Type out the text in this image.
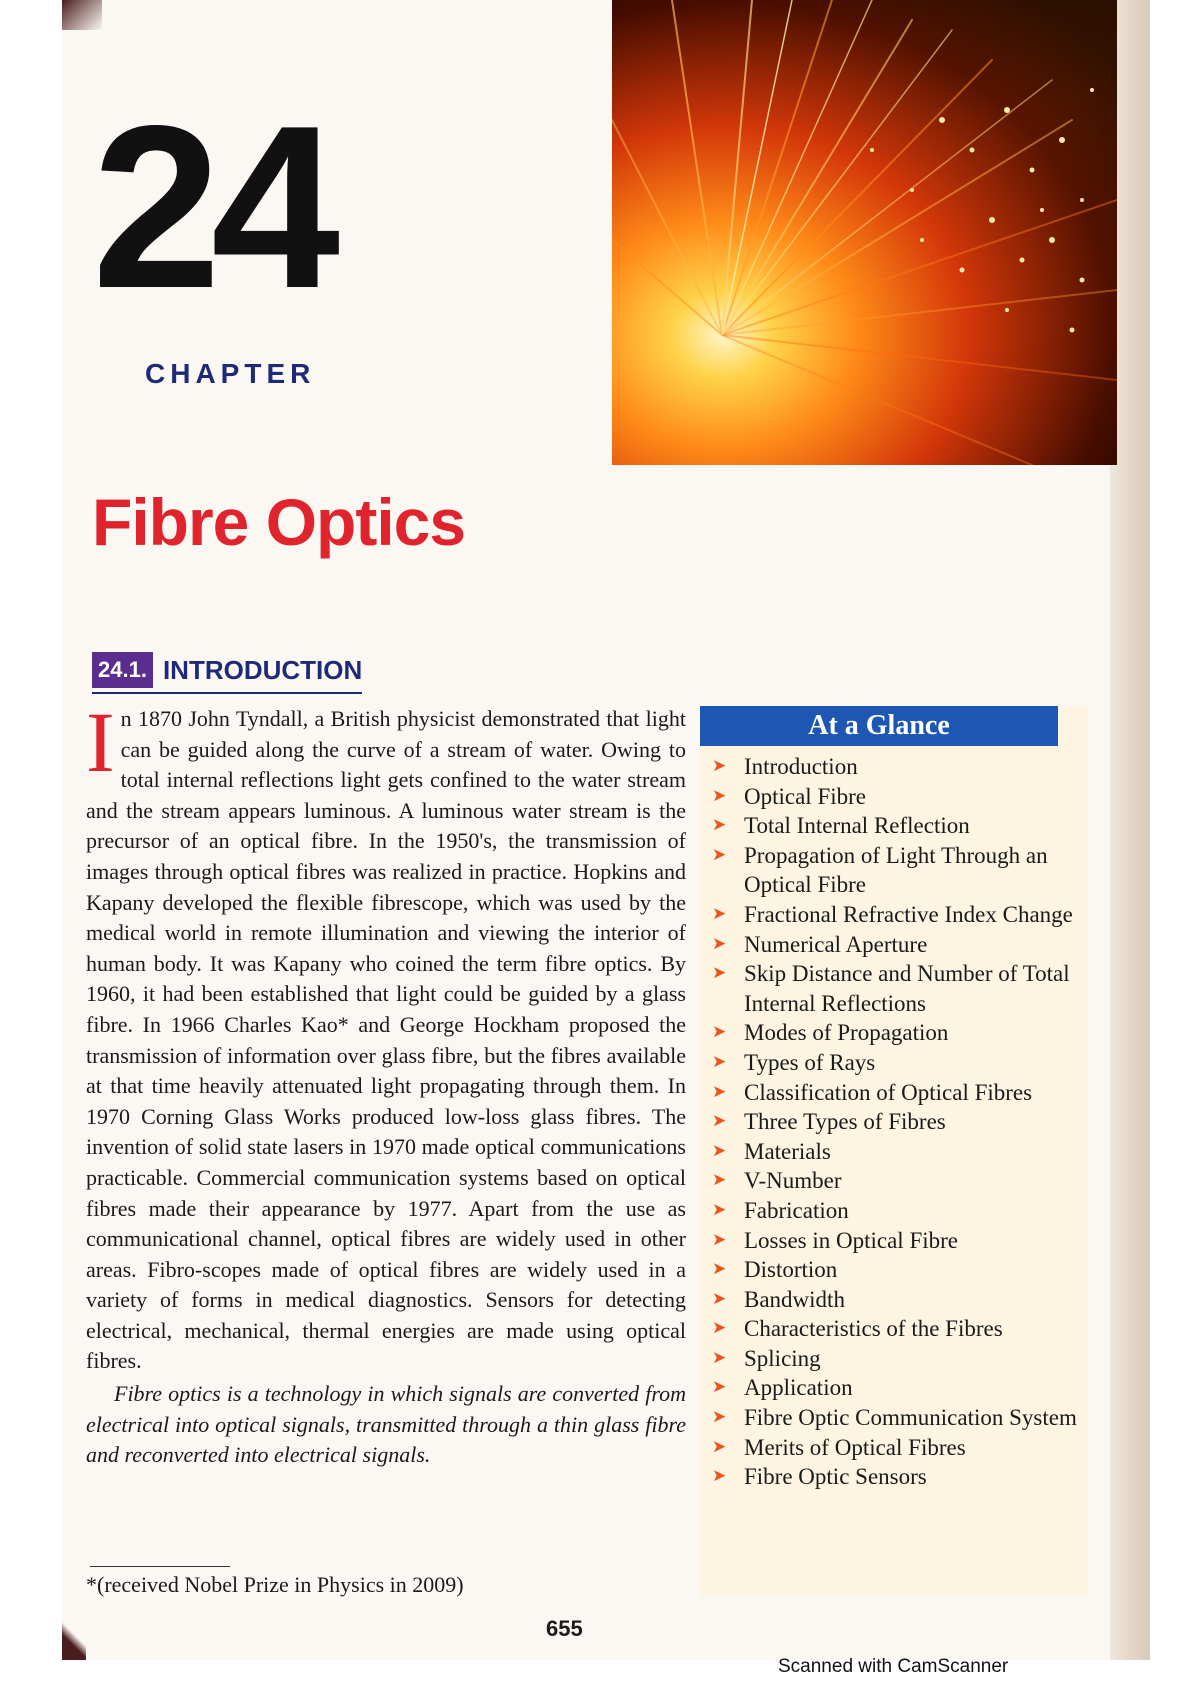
24
CHAPTER
Fibre Optics
24.1. INTRODUCTION

In 1870 John Tyndall, a British physicist demonstrated that light can be guided along the curve of a stream of water. Owing to total internal reflections light gets confined to the water stream and the stream appears luminous. A luminous water stream is the precursor of an optical fibre. In the 1950's, the transmission of images through optical fibres was realized in practice. Hopkins and Kapany developed the flexible fibrescope, which was used by the medical world in remote illumination and viewing the interior of human body. It was Kapany who coined the term fibre optics. By 1960, it had been established that light could be guided by a glass fibre. In 1966 Charles Kao* and George Hockham proposed the transmission of information over glass fibre, but the fibres available at that time heavily attenuated light propagating through them. In 1970 Corning Glass Works produced low-loss glass fibres. The invention of solid state lasers in 1970 made optical communications practicable. Commercial communication systems based on optical fibres made their appearance by 1977. Apart from the use as communicational channel, optical fibres are widely used in other areas. Fibro-scopes made of optical fibres are widely used in a variety of forms in medical diagnostics. Sensors for detecting electrical, mechanical, thermal energies are made using optical fibres.

Fibre optics is a technology in which signals are converted from electrical into optical signals, transmitted through a thin glass fibre and reconverted into electrical signals.

*(received Nobel Prize in Physics in 2009)
655
At a Glance
➤ Introduction
➤ Optical Fibre
➤ Total Internal Reflection
➤ Propagation of Light Through an Optical Fibre
➤ Fractional Refractive Index Change
➤ Numerical Aperture
➤ Skip Distance and Number of Total Internal Reflections
➤ Modes of Propagation
➤ Types of Rays
➤ Classification of Optical Fibres
➤ Three Types of Fibres
➤ Materials
➤ V-Number
➤ Fabrication
➤ Losses in Optical Fibre
➤ Distortion
➤ Bandwidth
➤ Characteristics of the Fibres
➤ Splicing
➤ Application
➤ Fibre Optic Communication System
➤ Merits of Optical Fibres
➤ Fibre Optic Sensors
Scanned with CamScanner
